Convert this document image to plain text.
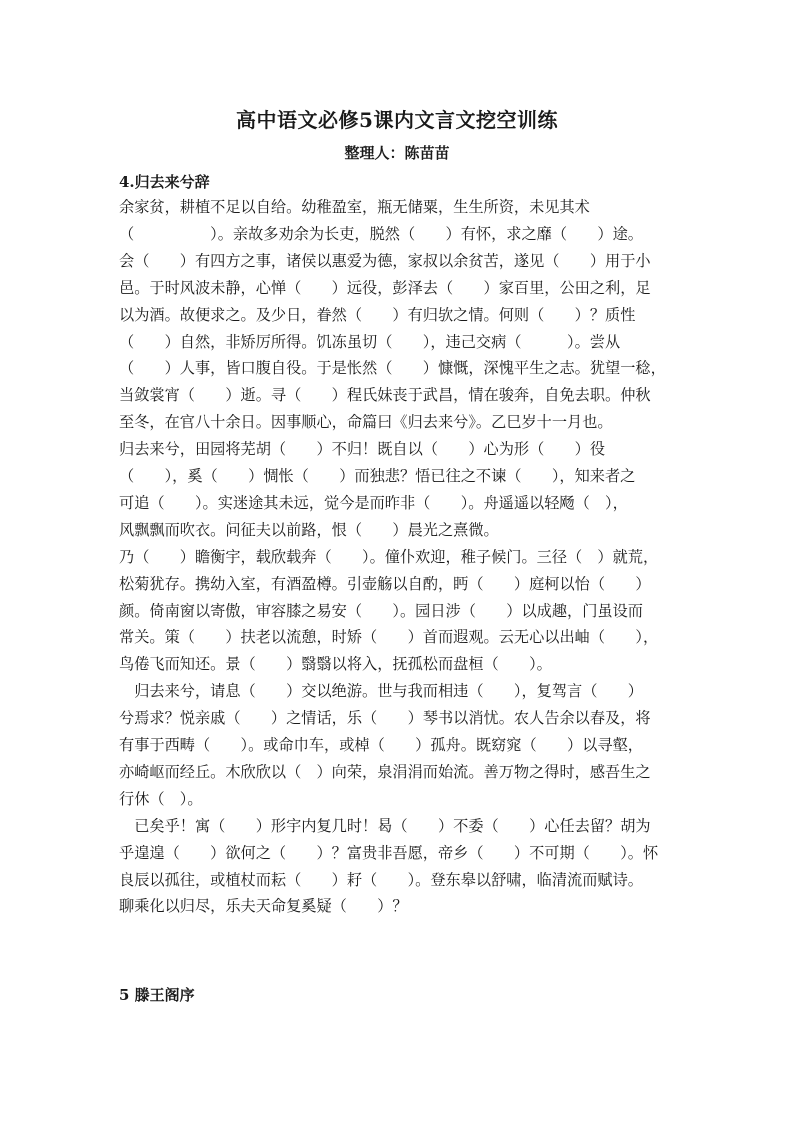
高中语文必修5课内文言文挖空训练
整理人：陈苗苗
4.归去来兮辞
余家贫，耕植不足以自给。幼稚盈室，瓶无储粟，生生所资，未见其术
（　　　　　）。亲故多劝余为长吏，脱然（　　）有怀，求之靡（　　）途。
会（　　）有四方之事，诸侯以惠爱为德，家叔以余贫苦，遂见（　　）用于小
邑。于时风波未静，心惮（　　）远役，彭泽去（　　）家百里，公田之利，足
以为酒。故便求之。及少日，眷然（　　）有归欤之情。何则（　　）？质性
（　　）自然，非矫厉所得。饥冻虽切（　　），违己交病（　　　）。尝从
（　　）人事，皆口腹自役。于是怅然（　　）慷慨，深愧平生之志。犹望一稔，
当敛裳宵（　　）逝。寻（　　）程氏妹丧于武昌，情在骏奔，自免去职。仲秋
至冬，在官八十余日。因事顺心，命篇曰《归去来兮》。乙巳岁十一月也。
归去来兮，田园将芜胡（　　）不归！既自以（　　）心为形（　　）役
（　　），奚（　　）惆怅（　　）而独悲？悟已往之不谏（　　），知来者之
可追（　　）。实迷途其未远，觉今是而昨非（　　）。舟遥遥以轻飏（　），
风飘飘而吹衣。问征夫以前路，恨（　　）晨光之熹微。
乃（　　）瞻衡宇，载欣载奔（　　）。僮仆欢迎，稚子候门。三径（　）就荒，
松菊犹存。携幼入室，有酒盈樽。引壶觞以自酌，眄（　　）庭柯以怡（　　）
颜。倚南窗以寄傲，审容膝之易安（　　）。园日涉（　　）以成趣，门虽设而
常关。策（　　）扶老以流憩，时矫（　　）首而遐观。云无心以出岫（　　），
鸟倦飞而知还。景（　　）翳翳以将入，抚孤松而盘桓（　　）。
　归去来兮，请息（　　）交以绝游。世与我而相违（　　），复驾言（　　）
兮焉求？悦亲戚（　　）之情话，乐（　　）琴书以消忧。农人告余以春及，将
有事于西畴（　　）。或命巾车，或棹（　　）孤舟。既窈窕（　　）以寻壑，
亦崎岖而经丘。木欣欣以（　）向荣，泉涓涓而始流。善万物之得时，感吾生之
行休（　）。
　已矣乎！寓（　　）形宇内复几时！曷（　　）不委（　　）心任去留？胡为
乎遑遑（　　）欲何之（　　）？富贵非吾愿，帝乡（　　）不可期（　　）。怀
良辰以孤往，或植杖而耘（　　）耔（　　）。登东皋以舒啸，临清流而赋诗。
聊乘化以归尽，乐夫天命复奚疑（　　）？
5 滕王阁序
